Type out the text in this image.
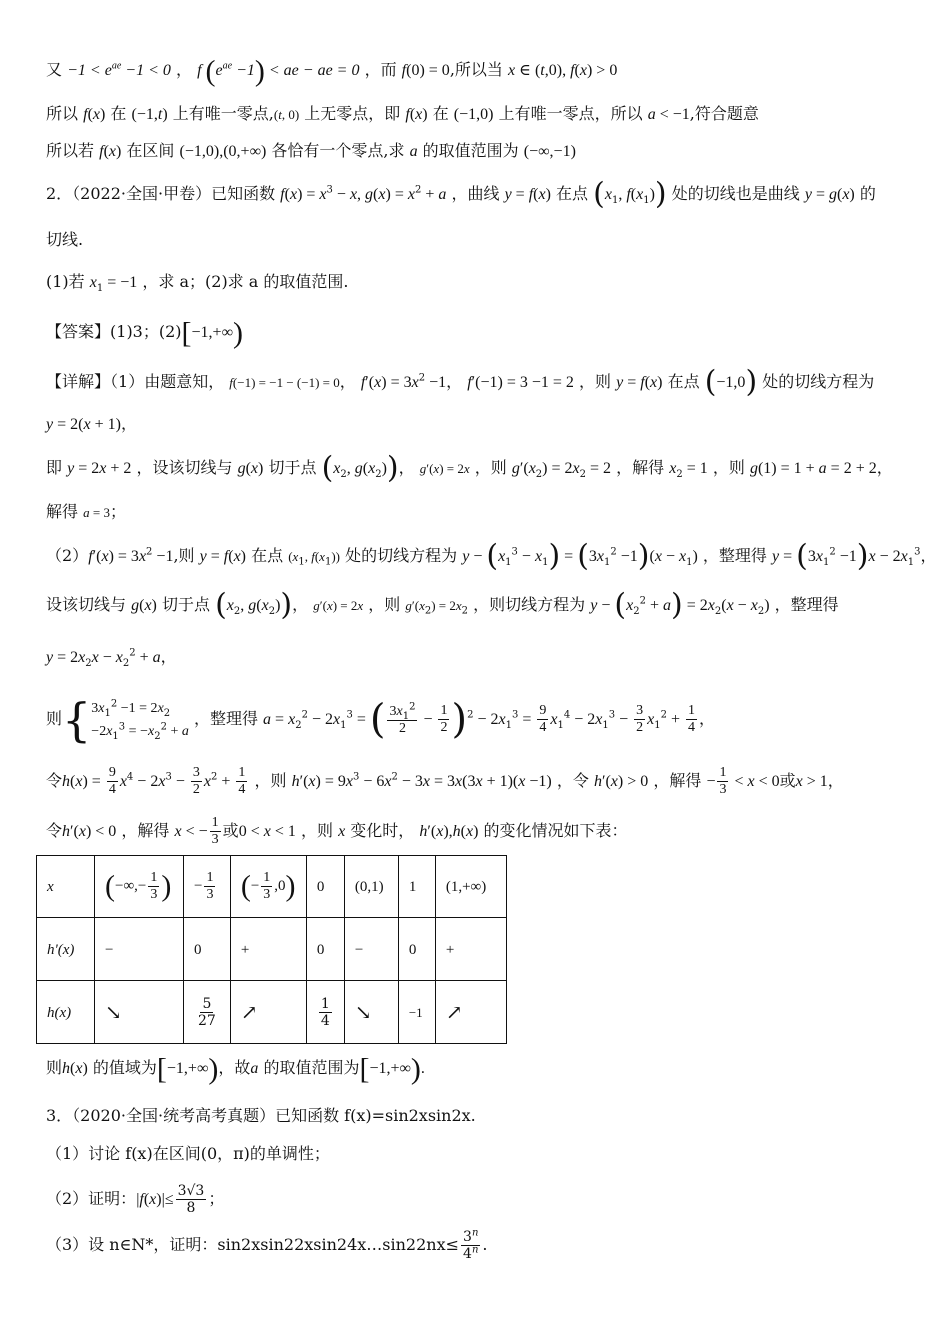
又 $-1 < e^{ae} -1 < 0$ ， f $(e^{ae} -1)$ < ae − ae = 0 ，而 f(0) = 0,所以当 x ∈ (t,0), f(x) > 0
所以 f(x) 在 (−1,t) 上有唯一零点,(t, 0) 上无零点，即 f(x) 在 (−1,0) 上有唯一零点，所以 a < −1,符合题意
所以若 f(x) 在区间 (−1,0),(0,+∞) 各恰有一个零点,求 a 的取值范围为 (−∞,−1)
2．（2022·全国·甲卷）已知函数 $f(x) = x^3 - x$, $g(x) = x^2 + a$ ，曲线 y = f(x) 在点 ($x_1$, $f(x_1)$) 处的切线也是曲线 y = g(x) 的
切线.
(1)若 $x_1 = -1$ ，求 a；(2)求 a 的取值范围.
【答案】(1)3；(2)[−1,+∞)
【详解】（1）由题意知， f(−1) = −1 − (−1) = 0， $f'(x) = 3x^2 -1$， f′(−1) = 3 −1 = 2 ，则 y = f(x) 在点 (−1,0) 处的切线方程为
y = 2(x + 1)，
即 y = 2x + 2 ，设该切线与 g(x) 切于点 ($x_2$, $g(x_2)$)， g′(x) = 2x ，则 $g'(x_2) = 2x_2 = 2$ ，解得 $x_2 = 1$ ，则 g(1) = 1 + a = 2 + 2，
解得 a = 3；
$(2)f'(x) = 3x^2 -1$,则 y = f(x) 在点 ($x_1$, $f(x_1)$) 处的切线方程为 $y - (x_1^3 - x_1) = (3x_1^2 -1)(x - x_1)$ ，整理得 $y = (3x_1^2 -1)x - 2x_1^3$，
设该切线与 g(x) 切于点 ($x_2$, $g(x_2)$)， g′(x) = 2x ，则 $g'(x_2) = 2x_2$ ，则切线方程为 $y - (x_2^2 + a) = 2x_2(x - x_2)$ ，整理得
$y = 2x_2x - x_2^2 + a$，
则 { $3x_1^2 -1 = 2x_2$
$-2x_1^3 = -x_2^2 + a$
，整理得 $a = x_2^2 - 2x_1^3$ = ( $\frac{3x_1^2}{2} - \frac{1}{2} )^2 - 2x_1^3 = \frac{9}{4} x_1^4 - 2x_1^3 - \frac{3}{2} x_1^2 + \frac{1}{4}$ ，
令$h(x) = \frac{9}{4} x^4 - 2x^3 - \frac{3}{2} x^2 + \frac{1}{4}$ ，则 $h'(x) = 9x^3 - 6x^2 - 3x = 3x(3x + 1)(x -1)$ ，令 h′(x) > 0 ，解得 − $\frac{1}{3} < x < 0$或x > 1，
令h′(x) < 0 ，解得 x < − $\frac{1}{3}$ 或0 < x < 1 ，则 x 变化时， h′(x),h(x) 的变化情况如下表：
x	(−∞,− $\frac{1}{3}$ )	− $\frac{1}{3}$	(− $\frac{1}{3} ,0$)	0	(0,1)	1	(1,+∞)
h'(x)	−	0	+	0	−	0	+
h(x)	↘	$\frac{5}{27}$	↗	$\frac{1}{4}$	↘	−1	↗
则h(x) 的值域为[−1,+∞)，故a 的取值范围为[−1,+∞).
3．（2020·全国·统考高考真题）已知函数 f(x)=sin2xsin2x.
（1）讨论 f(x)在区间(0，π)的单调性；
（2）证明：$|f(x)|\le \frac{3√3}{8}$ ；
（3）设 n∈N*，证明：sin2xsin22xsin24x…sin22nx≤ $\frac{3^n}{4^n}$ .
